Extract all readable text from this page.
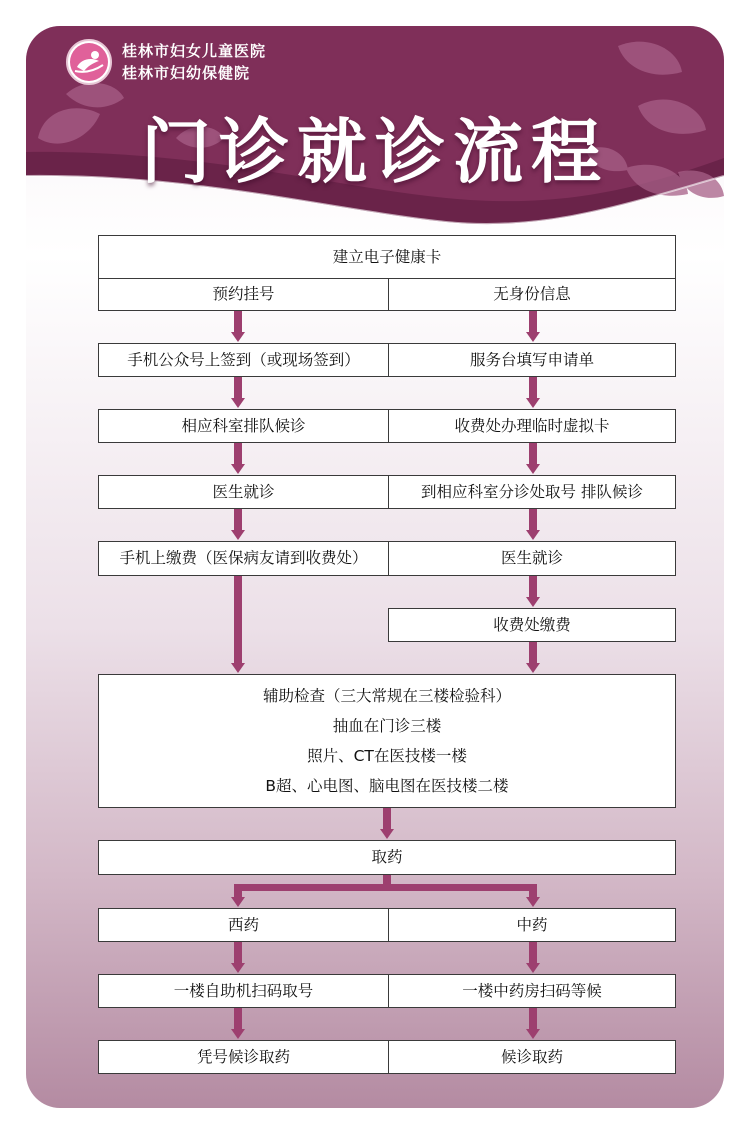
桂林市妇女儿童医院
桂林市妇幼保健院
门诊就诊流程
建立电子健康卡
预约挂号	无身份信息
手机公众号上签到（或现场签到）
相应科室排队候诊
医生就诊
手机上缴费（医保病友请到收费处）
服务台填写申请单
收费处办理临时虚拟卡
到相应科室分诊处取号 排队候诊
医生就诊
收费处缴费
辅助检查（三大常规在三楼检验科）
抽血在门诊三楼
照片、CT在医技楼一楼
B超、心电图、脑电图在医技楼二楼
取药
西药	中药
一楼自助机扫码取号	一楼中药房扫码等候
凭号候诊取药	候诊取药
